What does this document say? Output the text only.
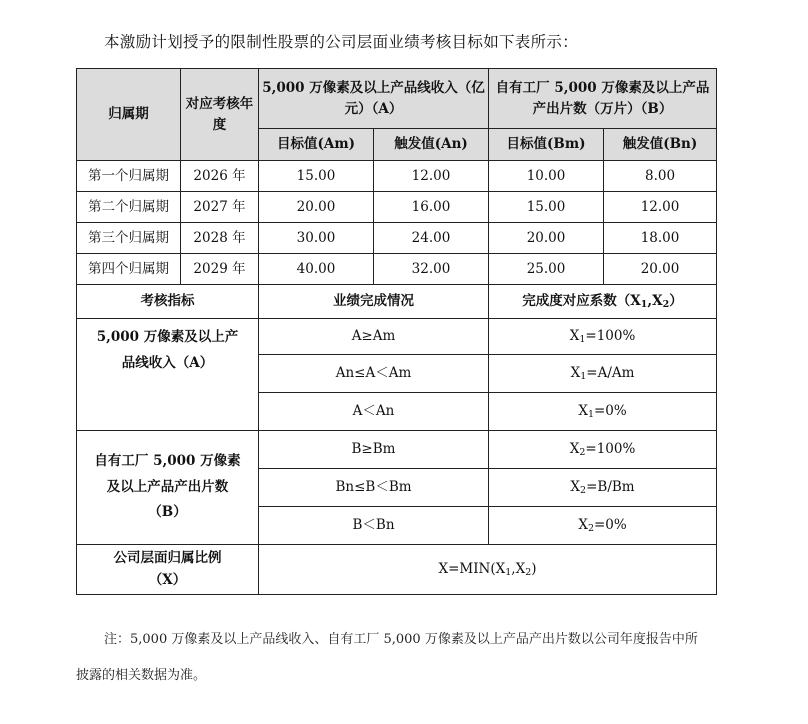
本激励计划授予的限制性股票的公司层面业绩考核目标如下表所示：
归属期	对应考核年度	5,000 万像素及以上产品线收入（亿元）（A）		自有工厂 5,000 万像素及以上产品产出片数（万片）（B）	
		目标值(Am)	触发值(An)	目标值(Bm)	触发值(Bn)
第一个归属期	2026 年	15.00	12.00	10.00	8.00
第二个归属期	2027 年	20.00	16.00	15.00	12.00
第三个归属期	2028 年	30.00	24.00	20.00	18.00
第四个归属期	2029 年	40.00	32.00	25.00	20.00
考核指标		业绩完成情况		完成度对应系数$(X_1,X_2)$	

5,000 万像素及以上产
品线收入（A）		A≥Am		$X_1=100\%$	
		An≤A＜Am		$X_1=A/Am$	
		A＜An		$X_1=0\%$	

自有工厂 5,000 万像素
及以上产品产出片数
（B）		B≥Bm		$X_2=100\%$	
		Bn≤B＜Bm		$X_2=B/Bm$	
		B＜Bn		$X_2=0\%$	

公司层面归属比例
（X）		$X=MIN(X_1,X_2)$			
注：5,000 万像素及以上产品线收入、自有工厂 5,000 万像素及以上产品产出片数以公司年度报告中所
披露的相关数据为准。
